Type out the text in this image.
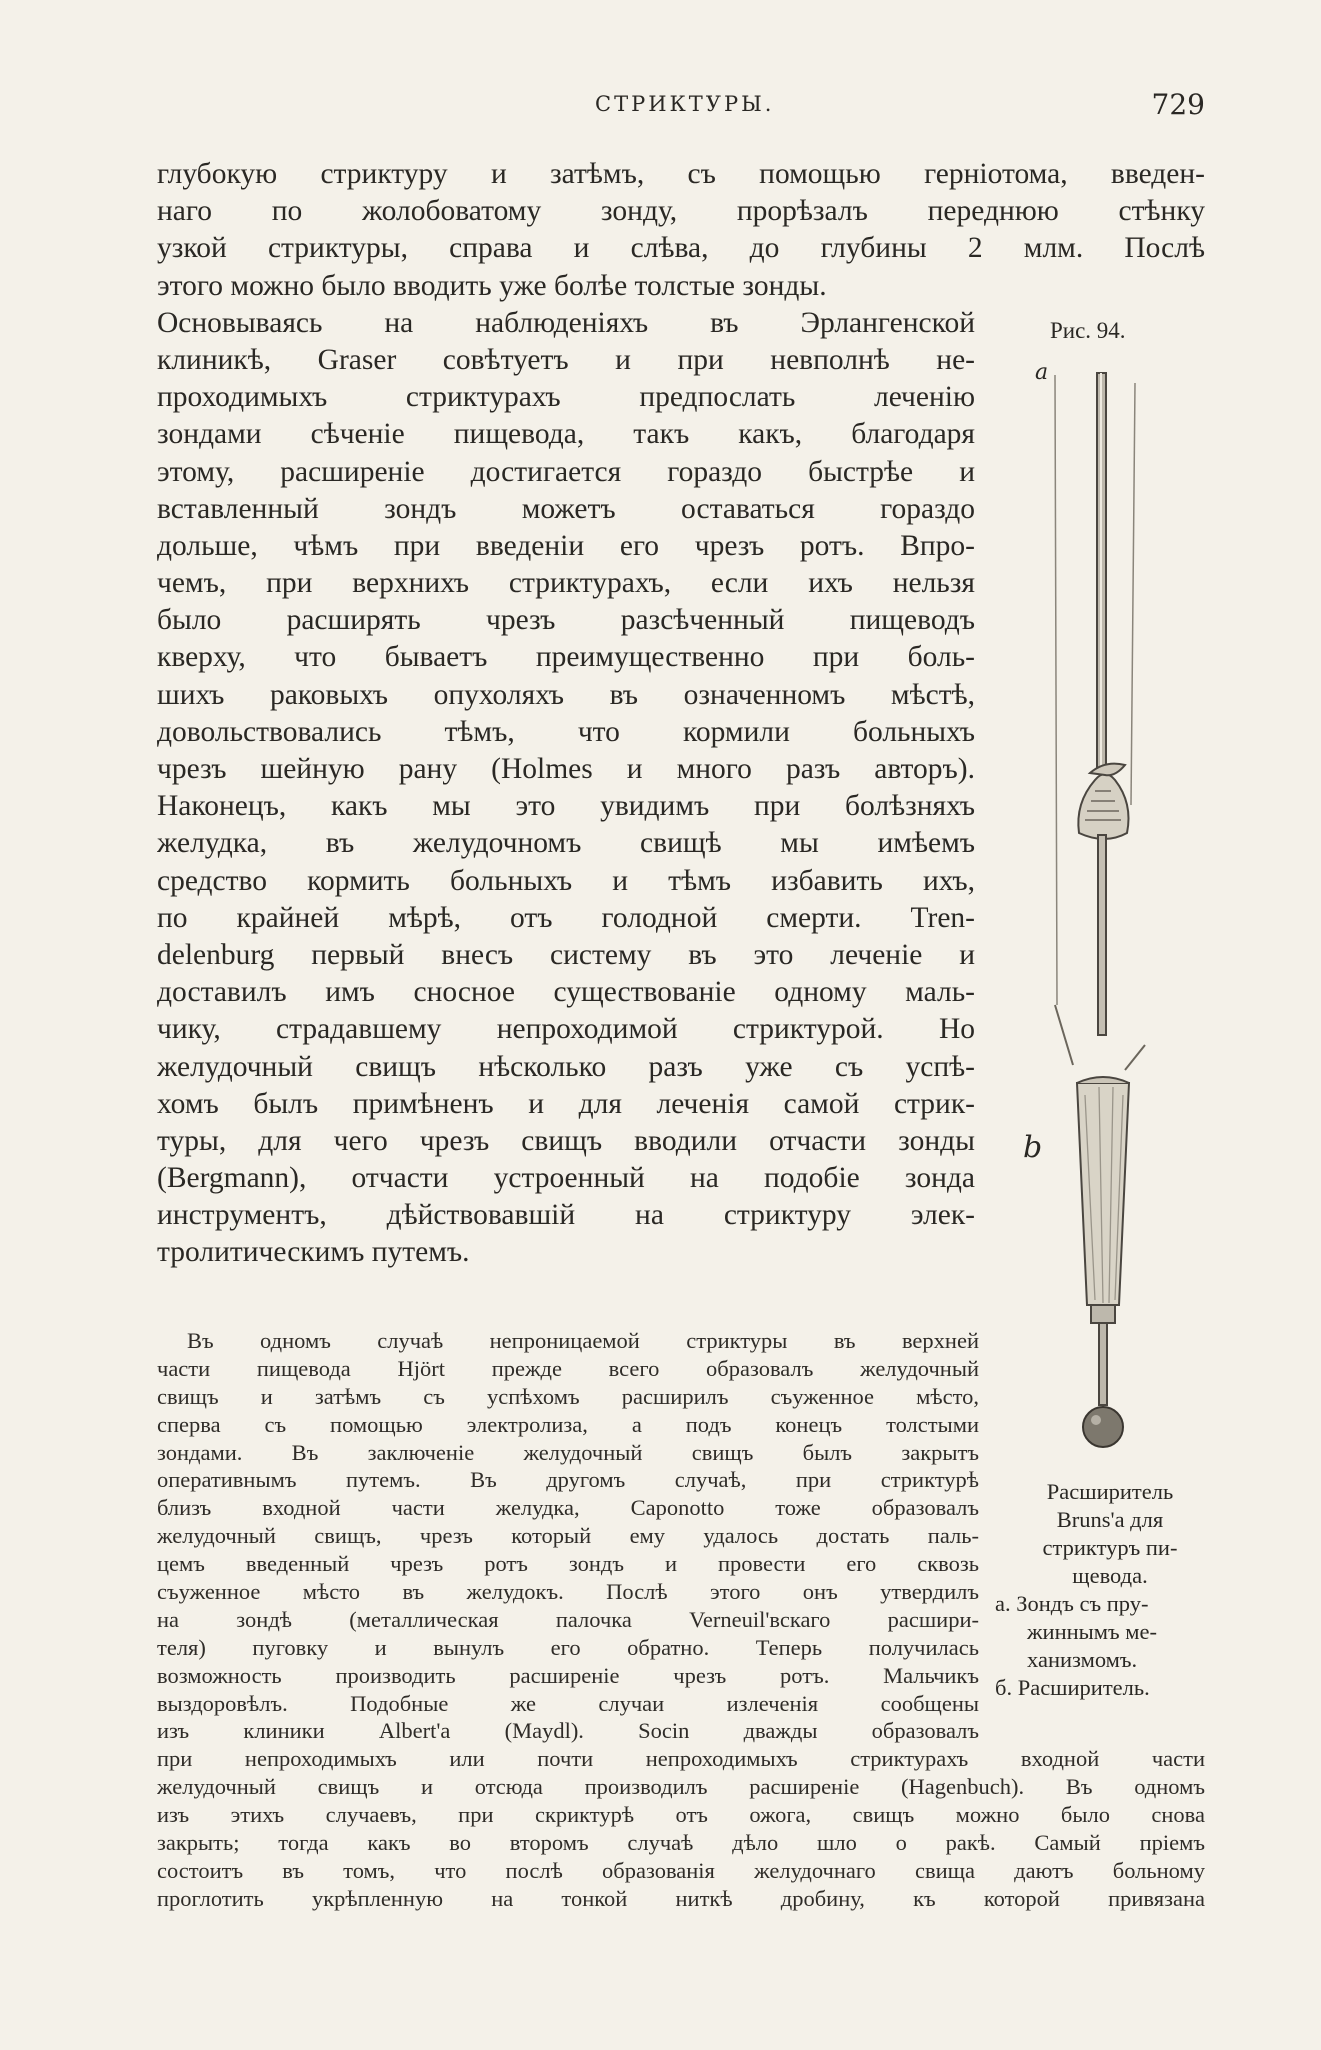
СТРИКТУРЫ.	729
глубокую стриктуру и затѣмъ, съ помощью герніотома, введен-
наго по жолобоватому зонду, прорѣзалъ переднюю стѣнку
узкой стриктуры, справа и слѣва, до глубины 2 млм. Послѣ
этого можно было вводить уже болѣе толстые зонды.
Основываясь на наблюденіяхъ въ Эрлангенской
клиникѣ, Graser совѣтуетъ и при невполнѣ не-
проходимыхъ стриктурахъ предпослать леченію
зондами сѣченіе пищевода, такъ какъ, благодаря
этому, расширеніе достигается гораздо быстрѣе и
вставленный зондъ можетъ оставаться гораздо
дольше, чѣмъ при введеніи его чрезъ ротъ. Впро-
чемъ, при верхнихъ стриктурахъ, если ихъ нельзя
было расширять чрезъ разсѣченный пищеводъ
кверху, что бываетъ преимущественно при боль-
шихъ раковыхъ опухоляхъ въ означенномъ мѣстѣ,
довольствовались тѣмъ, что кормили больныхъ
чрезъ шейную рану (Holmes и много разъ авторъ).
Наконецъ, какъ мы это увидимъ при болѣзняхъ
желудка, въ желудочномъ свищѣ мы имѣемъ
средство кормить больныхъ и тѣмъ избавить ихъ,
по крайней мѣрѣ, отъ голодной смерти. Tren-
delenburg первый внесъ систему въ это леченіе и
доставилъ имъ сносное существованіе одному маль-
чику, страдавшему непроходимой стриктурой. Но
желудочный свищъ нѣсколько разъ уже съ успѣ-
хомъ былъ примѣненъ и для леченія самой стрик-
туры, для чего чрезъ свищъ вводили отчасти зонды
(Bergmann), отчасти устроенный на подобіе зонда
инструментъ, дѣйствовавшій на стриктуру элек-
тролитическимъ путемъ.
Рис. 94.
a
b
Расширитель
Bruns'a для
стриктуръ пи-
щевода.
а. Зондъ съ пру-
жиннымъ ме-
ханизмомъ.
б. Расширитель.
Въ одномъ случаѣ непроницаемой стриктуры въ верхней
части пищевода Hjört прежде всего образовалъ желудочный
свищъ и затѣмъ съ успѣхомъ расширилъ съуженное мѣсто,
сперва съ помощью электролиза, а подъ конецъ толстыми
зондами. Въ заключеніе желудочный свищъ былъ закрытъ
оперативнымъ путемъ. Въ другомъ случаѣ, при стриктурѣ
близъ входной части желудка, Caponotto тоже образовалъ
желудочный свищъ, чрезъ который ему удалось достать паль-
цемъ введенный чрезъ ротъ зондъ и провести его сквозь
съуженное мѣсто въ желудокъ. Послѣ этого онъ утвердилъ
на зондѣ (металлическая палочка Verneuil'вскаго расшири-
теля) пуговку и вынулъ его обратно. Теперь получилась
возможность производить расширеніе чрезъ ротъ. Мальчикъ
выздоровѣлъ. Подобные же случаи излеченія сообщены
изъ клиники Albert'a (Maydl). Socin дважды образовалъ
при непроходимыхъ или почти непроходимыхъ стриктурахъ входной части
желудочный свищъ и отсюда производилъ расширеніе (Hagenbuch). Въ одномъ
изъ этихъ случаевъ, при скриктурѣ отъ ожога, свищъ можно было снова
закрыть; тогда какъ во второмъ случаѣ дѣло шло о ракѣ. Самый пріемъ
состоитъ въ томъ, что послѣ образованія желудочнаго свища даютъ больному
проглотить укрѣпленную на тонкой ниткѣ дробину, къ которой привязана
